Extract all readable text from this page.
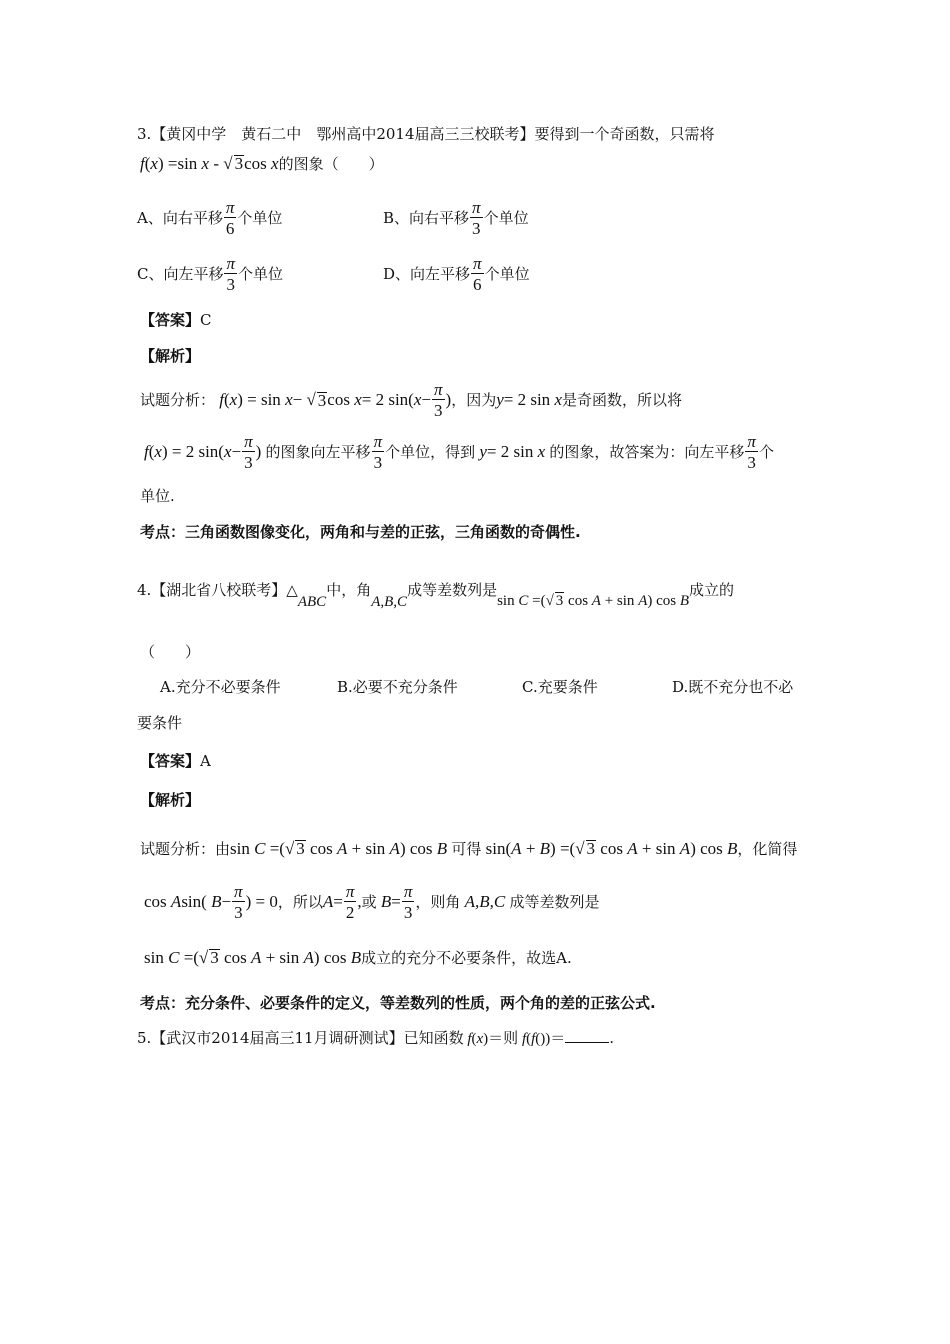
3.【黄冈中学　黄石二中　鄂州高中2014届高三三校联考】要得到一个奇函数，只需将
f(x) =sin x - √ 3cos x的图象（　　）
A、向右平移 $\frac{\pi}{6}$ 个单位	B、向右平移 $\frac{\pi}{3}$ 个单位
C、向左平移 $\frac{\pi}{3}$ 个单位	D、向左平移 $\frac{\pi}{6}$ 个单位
【答案】C
【解析】
试题分析： f ( x ) = sin x − √ 3 cos x = 2 sin( $x - \frac{\pi}{3}$ ) ，因为 y = 2 sin x 是奇函数，所以将
f ( x ) = 2 sin( $x - \frac{\pi}{3}$ ) 的图象向左平移 $\frac{\pi}{3}$ 个单位，得到 y = 2 sin x 的图象，故答案为：向左平移 $\frac{\pi}{3}$ 个
单位.
考点：三角函数图像变化，两角和与差的正弦，三角函数的奇偶性.
4.【湖北省八校联考】△
ABC
中，角
A,B,C
成等差数列是
sin C =(√ 3 cos A + sin A) cos B
成立的
（　　）
A.充分不必要条件	B.必要不充分条件	C.充要条件	D.既不充分也不必
要条件
【答案】A
【解析】
试题分析：由sin C =(√ 3 cos A + sin A) cos B 可得 sin(A + B) =(√ 3 cos A + sin A) cos B，化简得
cos A sin( $B - \frac{\pi}{3}$ ) = 0 ，所以 $A = \frac{\pi}{2}$ , 或 $B = \frac{\pi}{3}$ ，则角 A,B,C 成等差数列是
sin C =(√ 3 cos A + sin A) cos B成立的充分不必要条件，故选A.
考点：充分条件、必要条件的定义，等差数列的性质，两个角的差的正弦公式.
5.【武汉市2014届高三11月调研测试】已知函数 f(x)＝则 f(f())＝	.
